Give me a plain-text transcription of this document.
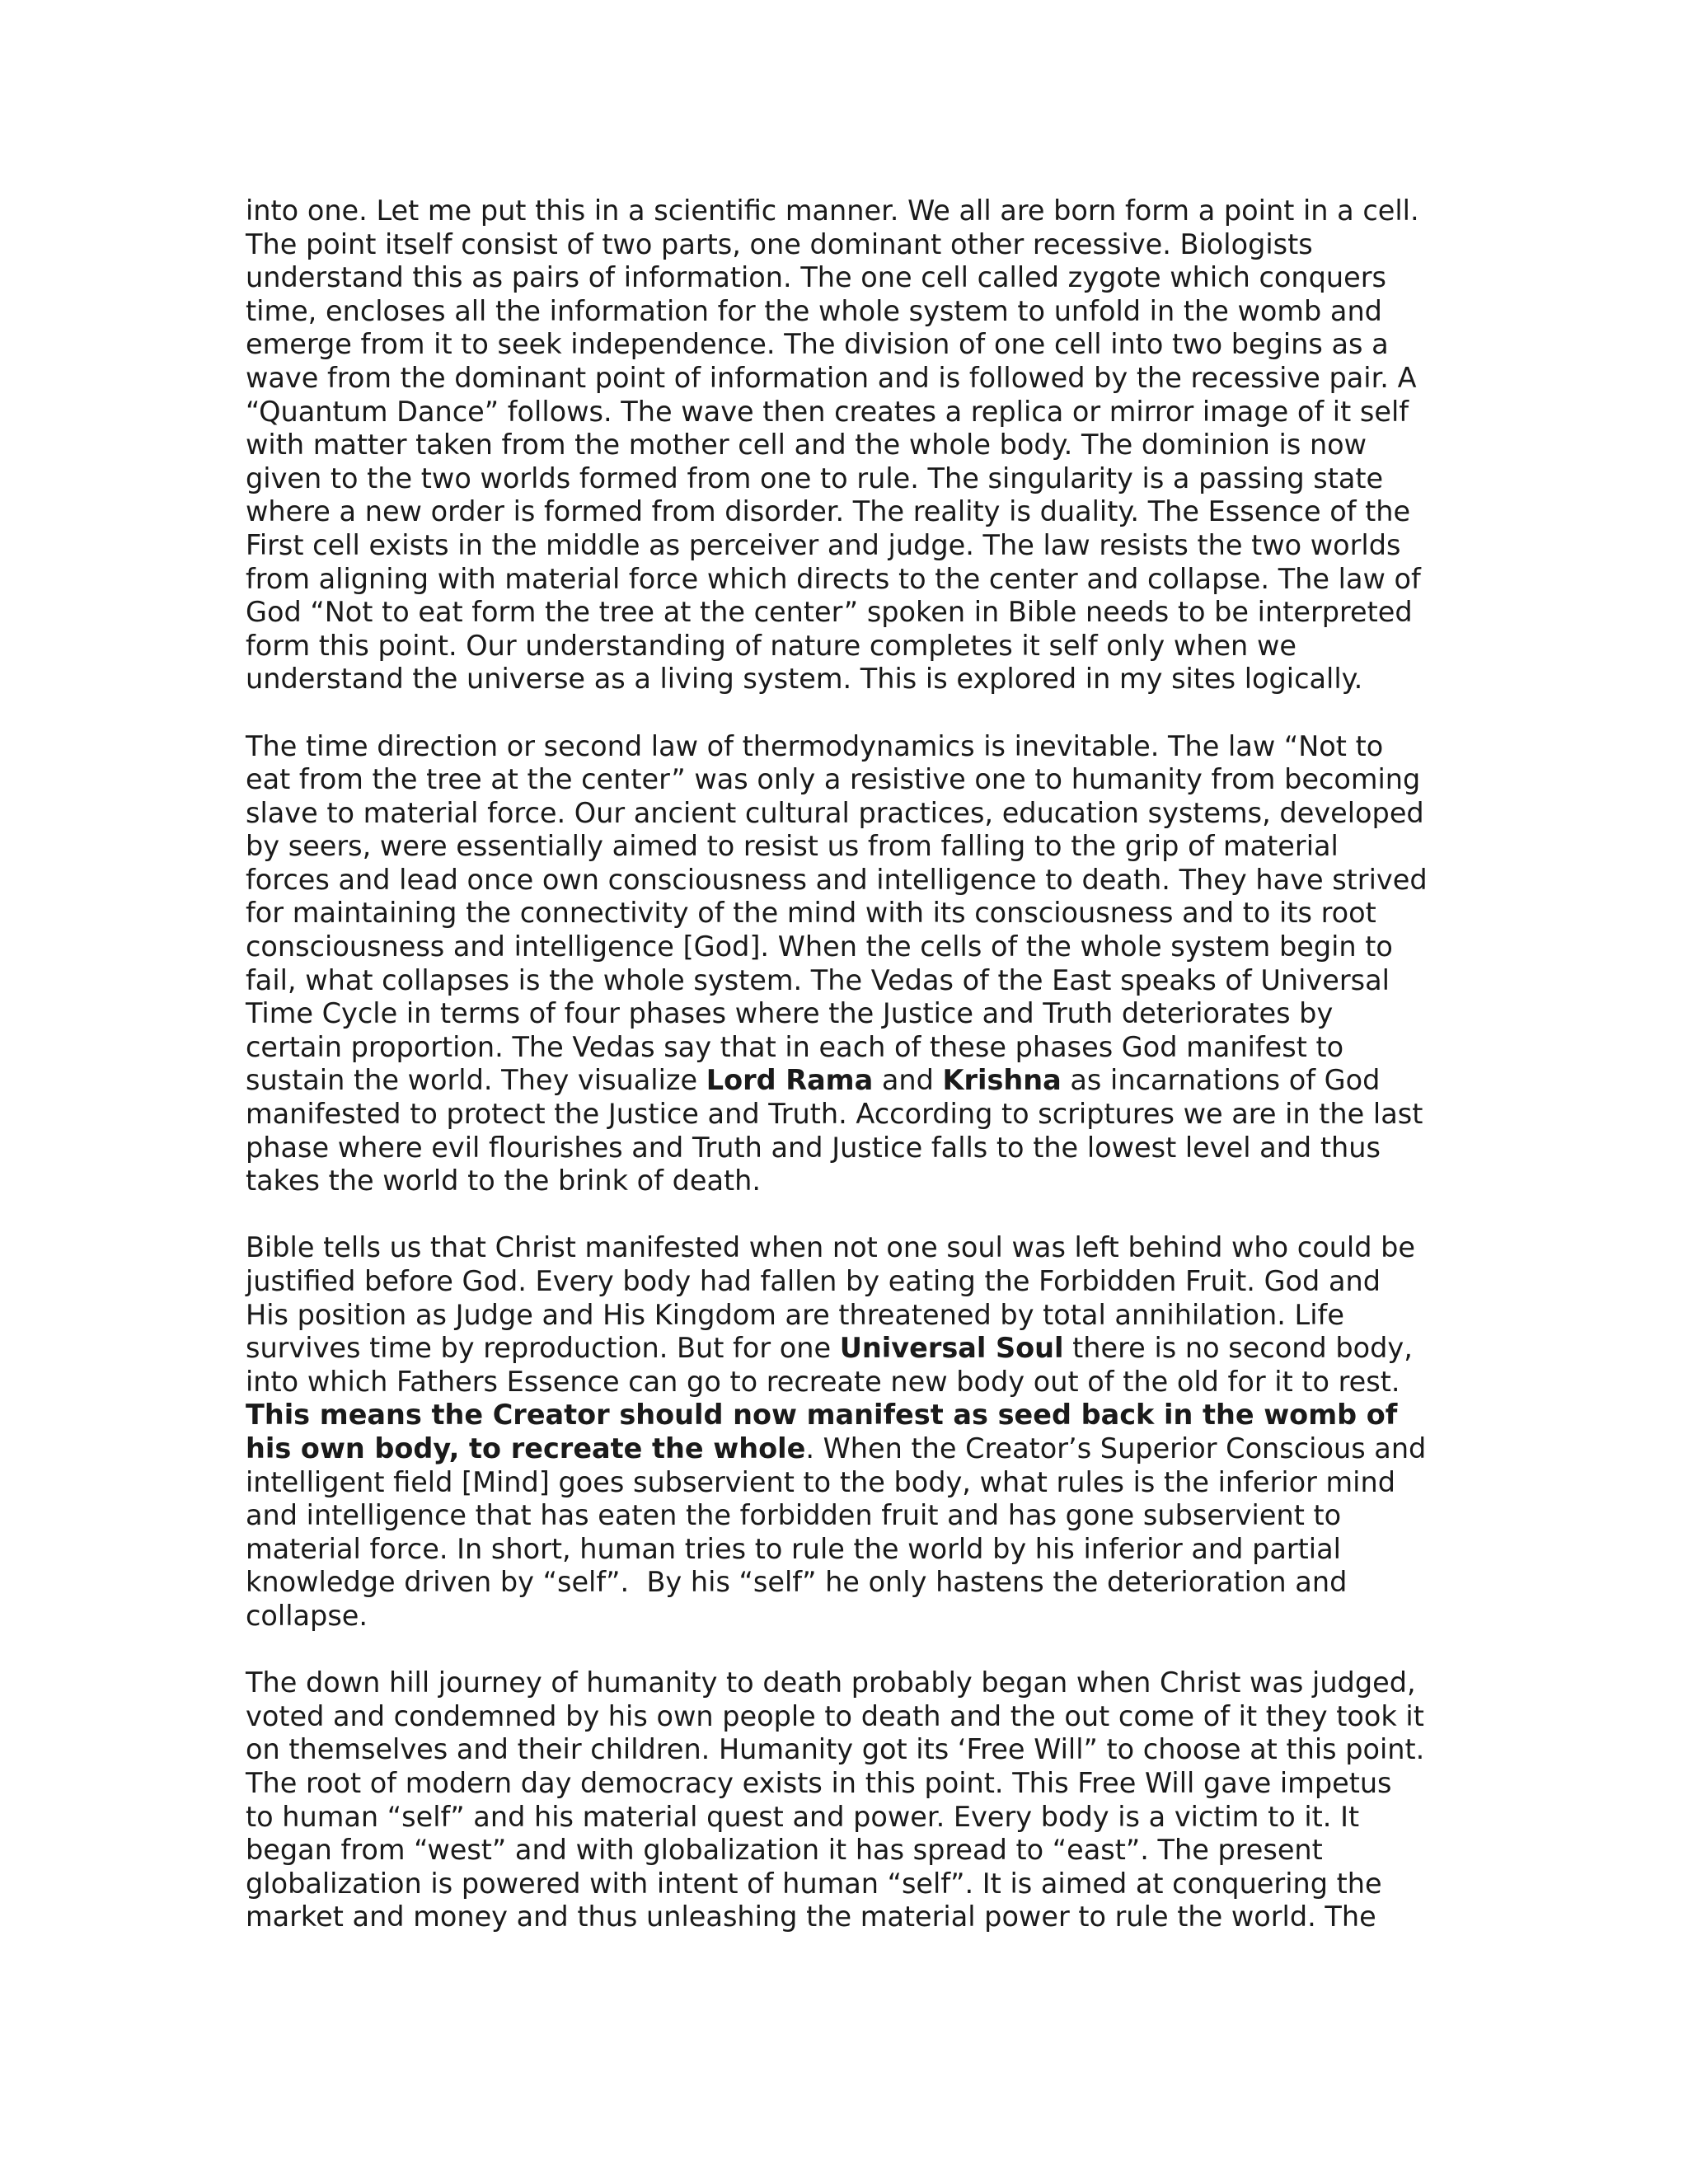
into one. Let me put this in a scientific manner. We all are born form a point in a cell.
The point itself consist of two parts, one dominant other recessive. Biologists
understand this as pairs of information. The one cell called zygote which conquers
time, encloses all the information for the whole system to unfold in the womb and
emerge from it to seek independence. The division of one cell into two begins as a
wave from the dominant point of information and is followed by the recessive pair. A
“Quantum Dance” follows. The wave then creates a replica or mirror image of it self
with matter taken from the mother cell and the whole body. The dominion is now
given to the two worlds formed from one to rule. The singularity is a passing state
where a new order is formed from disorder. The reality is duality. The Essence of the
First cell exists in the middle as perceiver and judge. The law resists the two worlds
from aligning with material force which directs to the center and collapse. The law of
God “Not to eat form the tree at the center” spoken in Bible needs to be interpreted
form this point. Our understanding of nature completes it self only when we
understand the universe as a living system. This is explored in my sites logically.
The time direction or second law of thermodynamics is inevitable. The law “Not to
eat from the tree at the center” was only a resistive one to humanity from becoming
slave to material force. Our ancient cultural practices, education systems, developed
by seers, were essentially aimed to resist us from falling to the grip of material
forces and lead once own consciousness and intelligence to death. They have strived
for maintaining the connectivity of the mind with its consciousness and to its root
consciousness and intelligence [God]. When the cells of the whole system begin to
fail, what collapses is the whole system. The Vedas of the East speaks of Universal
Time Cycle in terms of four phases where the Justice and Truth deteriorates by
certain proportion. The Vedas say that in each of these phases God manifest to
sustain the world. They visualize Lord Rama and Krishna as incarnations of God
manifested to protect the Justice and Truth. According to scriptures we are in the last
phase where evil flourishes and Truth and Justice falls to the lowest level and thus
takes the world to the brink of death.
Bible tells us that Christ manifested when not one soul was left behind who could be
justified before God. Every body had fallen by eating the Forbidden Fruit. God and
His position as Judge and His Kingdom are threatened by total annihilation. Life
survives time by reproduction. But for one Universal Soul there is no second body,
into which Fathers Essence can go to recreate new body out of the old for it to rest.
This means the Creator should now manifest as seed back in the womb of
his own body, to recreate the whole. When the Creator’s Superior Conscious and
intelligent field [Mind] goes subservient to the body, what rules is the inferior mind
and intelligence that has eaten the forbidden fruit and has gone subservient to
material force. In short, human tries to rule the world by his inferior and partial
knowledge driven by “self”.  By his “self” he only hastens the deterioration and
collapse.
The down hill journey of humanity to death probably began when Christ was judged,
voted and condemned by his own people to death and the out come of it they took it
on themselves and their children. Humanity got its ‘Free Will” to choose at this point.
The root of modern day democracy exists in this point. This Free Will gave impetus
to human “self” and his material quest and power. Every body is a victim to it. It
began from “west” and with globalization it has spread to “east”. The present
globalization is powered with intent of human “self”. It is aimed at conquering the
market and money and thus unleashing the material power to rule the world. The
